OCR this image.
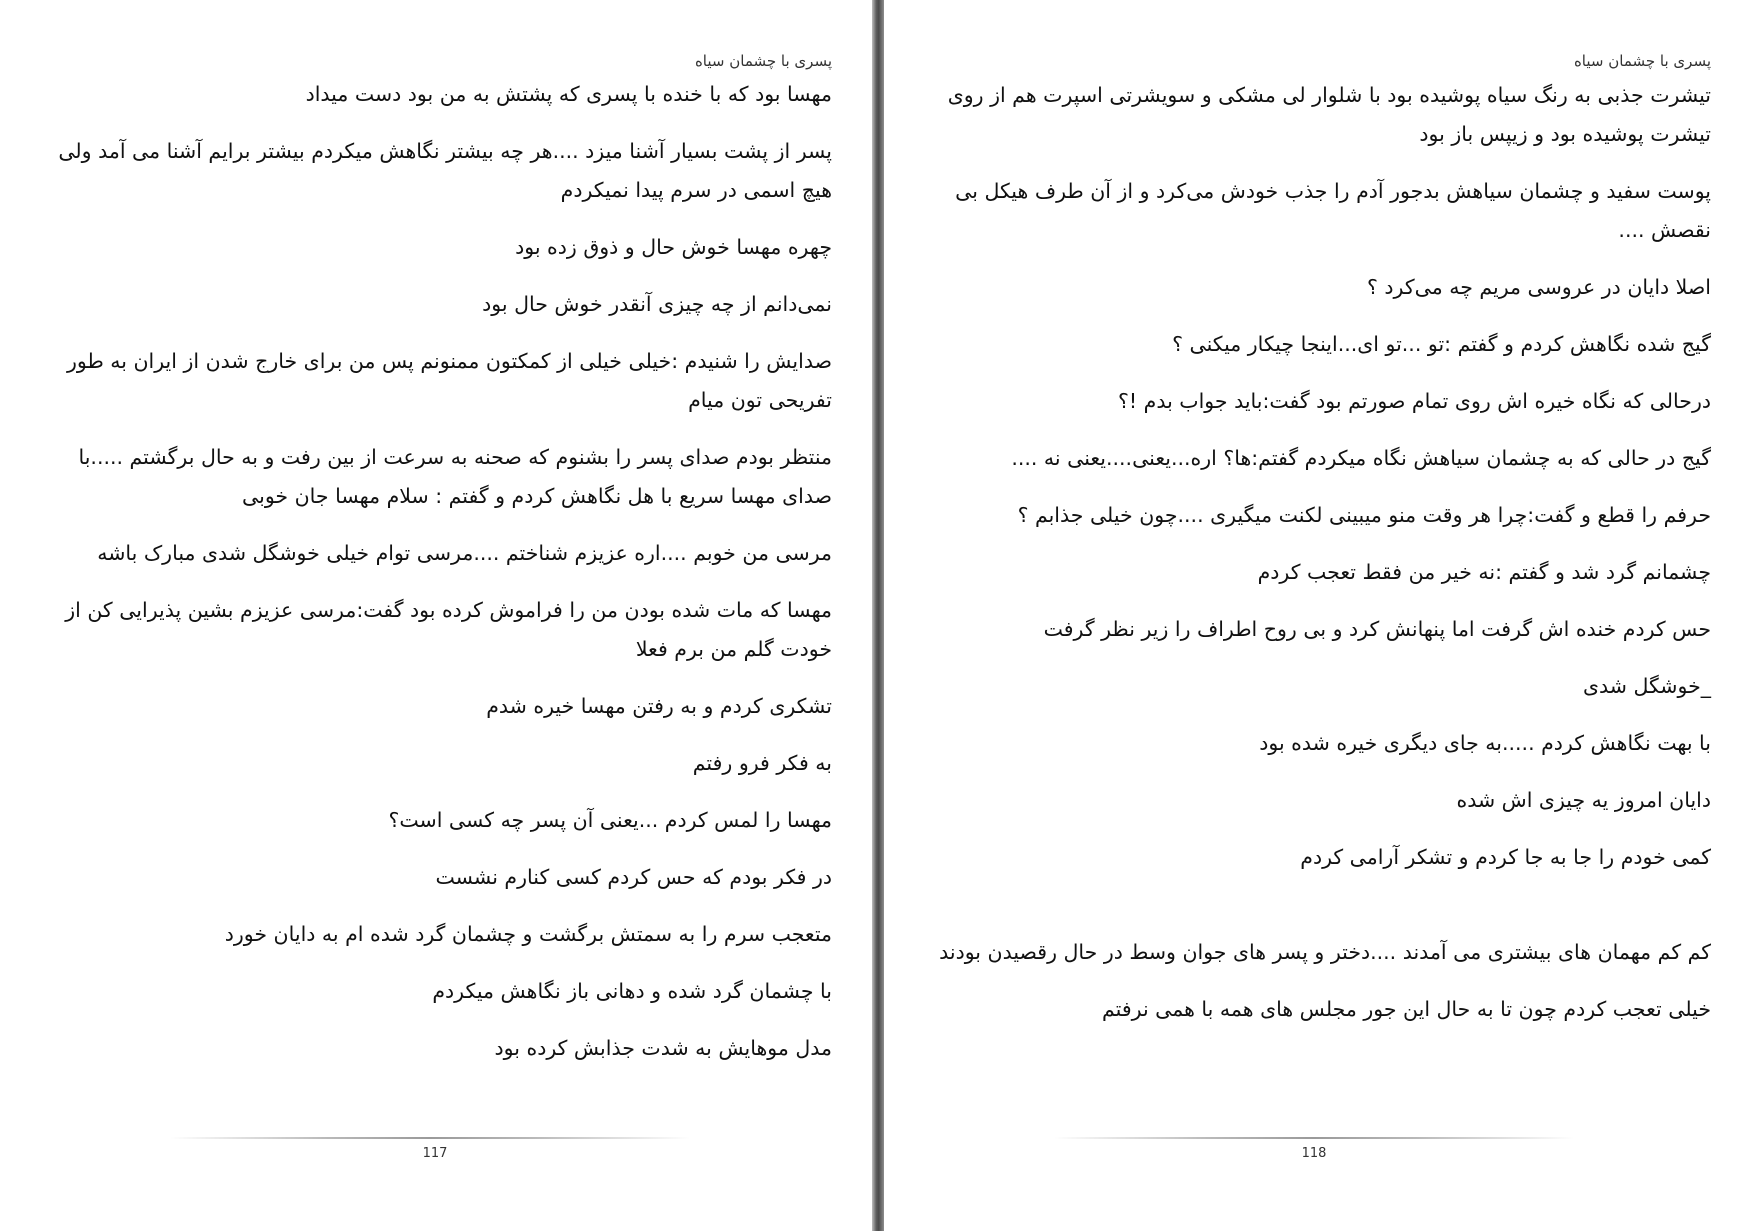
پسری با چشمان سیاه

مهسا بود که با خنده با پسری که پشتش به من بود دست میداد

پسر از پشت بسیار آشنا میزد ....هر چه بیشتر نگاهش میکردم بیشتر برایم آشنا می آمد ولی هیچ اسمی در سرم پیدا نمیکردم

چهره مهسا خوش حال و ذوق زده بود

نمی‌دانم از چه چیزی آنقدر خوش حال بود

صدایش را شنیدم :خیلی خیلی از کمکتون ممنونم پس من برای خارج شدن از ایران به طور تفریحی تون میام

منتظر بودم صدای پسر را بشنوم که صحنه به سرعت از بین رفت و به حال برگشتم .....با صدای مهسا سریع با هل نگاهش کردم و گفتم : سلام مهسا جان خوبی

مرسی من خوبم ....اره عزیزم شناختم ....مرسی توام خیلی خوشگل شدی مبارک باشه

مهسا که مات شده بودن من را فراموش کرده بود گفت:مرسی عزیزم بشین پذیرایی کن از خودت گلم من برم فعلا

تشکری کردم و به رفتن مهسا خیره شدم

به فکر فرو رفتم

مهسا را لمس کردم ...یعنی آن پسر چه کسی است؟

در فکر بودم که حس کردم کسی کنارم نشست

متعجب سرم را به سمتش برگشت و چشمان گرد شده ام به دایان خورد

با چشمان گرد شده و دهانی باز نگاهش میکردم

مدل موهایش به شدت جذابش کرده بود

117
پسری با چشمان سیاه

تیشرت جذبی به رنگ سیاه پوشیده بود با شلوار لی مشکی و سویشرتی اسپرت هم از روی تیشرت پوشیده بود و زیپس باز بود

پوست سفید و چشمان سیاهش بدجور آدم را جذب خودش می‌کرد و از آن طرف هیکل بی نقصش ....

اصلا دایان در عروسی مریم چه می‌کرد ؟

گیج شده نگاهش کردم و گفتم :تو ...تو ای...اینجا چیکار میکنی ؟

درحالی که نگاه خیره اش روی تمام صورتم بود گفت:باید جواب بدم !؟

گیج در حالی که به چشمان سیاهش نگاه میکردم گفتم:ها؟ اره...یعنی....یعنی نه ....

حرفم را قطع و گفت:چرا هر وقت منو میبینی لکنت میگیری ....چون خیلی جذابم ؟

چشمانم گرد شد و گفتم :نه خیر من فقط تعجب کردم

حس کردم خنده اش گرفت اما پنهانش کرد و بی روح اطراف را زیر نظر گرفت

_خوشگل شدی

با بهت نگاهش کردم .....به جای دیگری خیره شده بود

دایان امروز یه چیزی اش شده

کمی خودم را جا به جا کردم و تشکر آرامی کردم

کم کم مهمان های بیشتری می آمدند ....دختر و پسر های جوان وسط در حال رقصیدن بودند

خیلی تعجب کردم چون تا به حال این جور مجلس های همه با همی نرفتم

118
